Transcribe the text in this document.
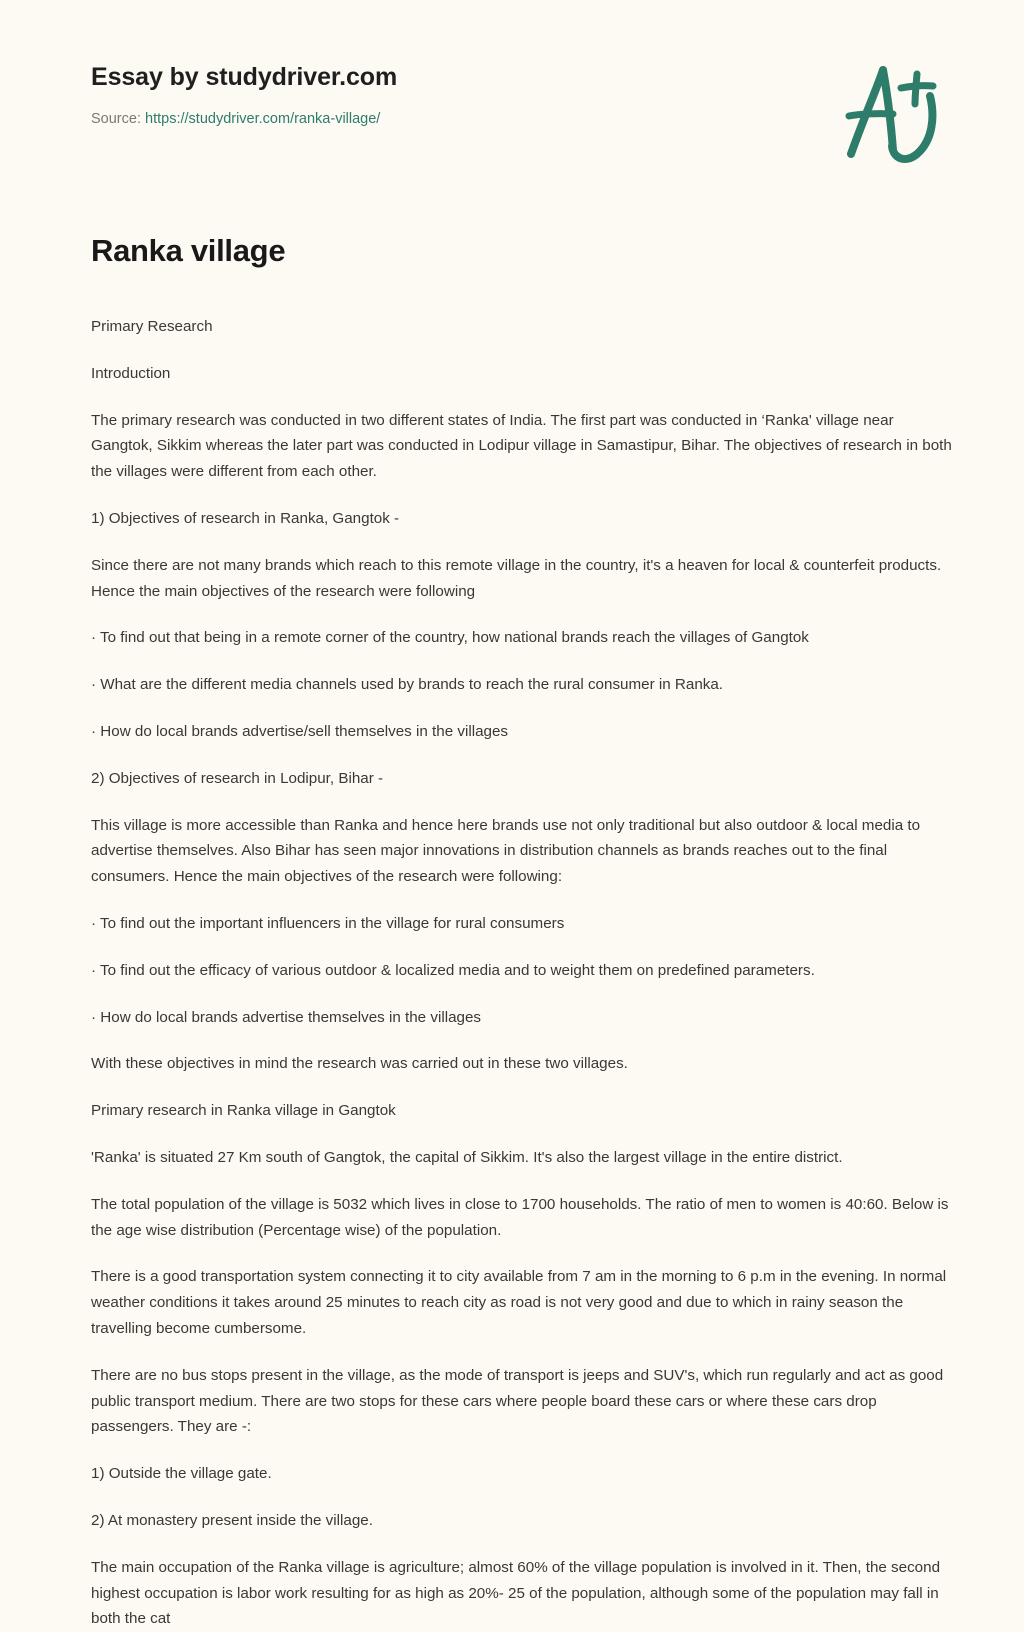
Essay by studydriver.com
Source: https://studydriver.com/ranka-village/
Ranka village

Primary Research

Introduction

The primary research was conducted in two different states of India. The first part was conducted in ‘Ranka' village near Gangtok, Sikkim whereas the later part was conducted in Lodipur village in Samastipur, Bihar. The objectives of research in both the villages were different from each other.

1) Objectives of research in Ranka, Gangtok -

Since there are not many brands which reach to this remote village in the country, it's a heaven for local & counterfeit products. Hence the main objectives of the research were following

· To find out that being in a remote corner of the country, how national brands reach the villages of Gangtok

· What are the different media channels used by brands to reach the rural consumer in Ranka.

· How do local brands advertise/sell themselves in the villages

2) Objectives of research in Lodipur, Bihar -

This village is more accessible than Ranka and hence here brands use not only traditional but also outdoor & local media to advertise themselves. Also Bihar has seen major innovations in distribution channels as brands reaches out to the final consumers. Hence the main objectives of the research were following:

· To find out the important influencers in the village for rural consumers

· To find out the efficacy of various outdoor & localized media and to weight them on predefined parameters.

· How do local brands advertise themselves in the villages

With these objectives in mind the research was carried out in these two villages.

Primary research in Ranka village in Gangtok

'Ranka' is situated 27 Km south of Gangtok, the capital of Sikkim. It's also the largest village in the entire district.

The total population of the village is 5032 which lives in close to 1700 households. The ratio of men to women is 40:60. Below is the age wise distribution (Percentage wise) of the population.

There is a good transportation system connecting it to city available from 7 am in the morning to 6 p.m in the evening. In normal weather conditions it takes around 25 minutes to reach city as road is not very good and due to which in rainy season the travelling become cumbersome.

There are no bus stops present in the village, as the mode of transport is jeeps and SUV's, which run regularly and act as good public transport medium. There are two stops for these cars where people board these cars or where these cars drop passengers. They are -:

1) Outside the village gate.

2) At monastery present inside the village.

The main occupation of the Ranka village is agriculture; almost 60% of the village population is involved in it. Then, the second highest occupation is labor work resulting for as high as 20%- 25 of the population, although some of the population may fall in both the cat
